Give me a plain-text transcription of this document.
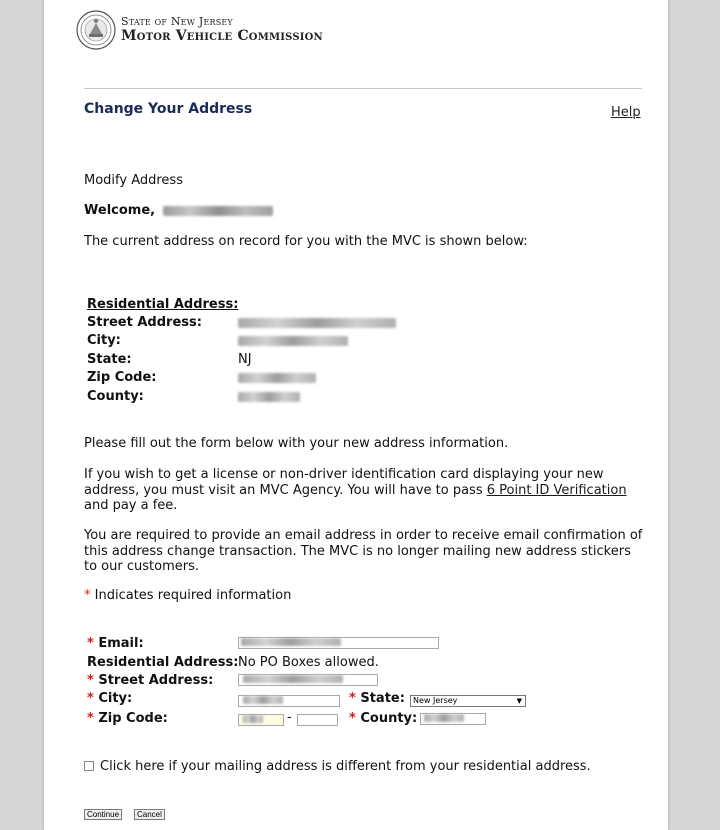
State of New Jersey
Motor Vehicle Commission
Change Your Address	Help
Modify Address
Welcome,
The current address on record for you with the MVC is shown below:
Residential Address:
Street Address:
City:
State:	NJ
Zip Code:
County:
Please fill out the form below with your new address information.
If you wish to get a license or non-driver identification card displaying your new address, you must visit an MVC Agency. You will have to pass 6 Point ID Verification and pay a fee.
You are required to provide an email address in order to receive email confirmation of this address change transaction. The MVC is no longer mailing new address stickers to our customers.
* Indicates required information
* Email:
Residential Address: No PO Boxes allowed.
* Street Address:
* City:	* State:	New Jersey	▼
* Zip Code:	-	* County:
Click here if your mailing address is different from your residential address.
Continue	Cancel
